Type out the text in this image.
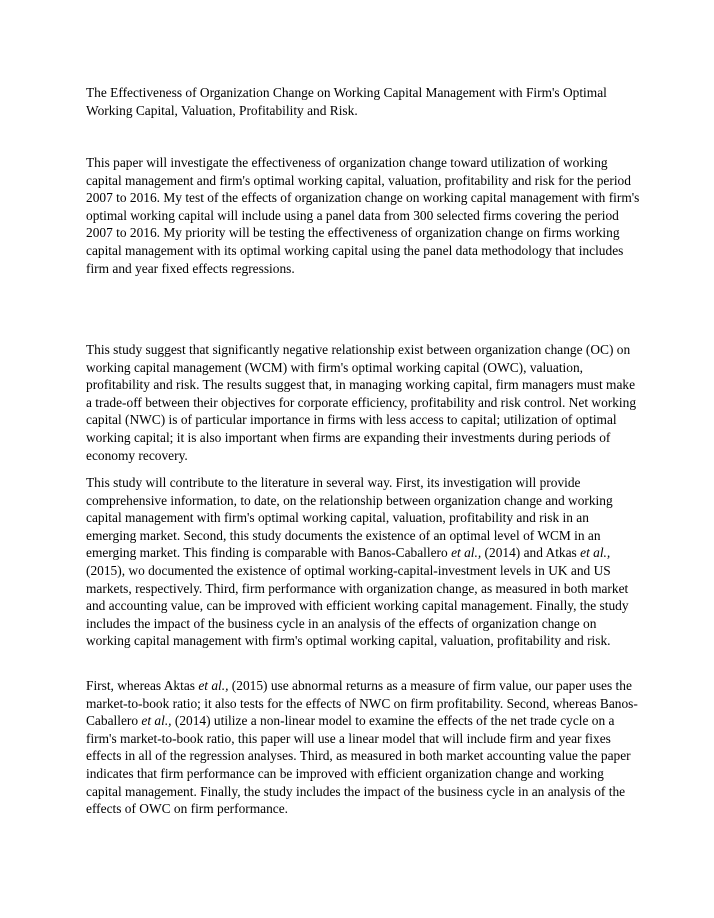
The Effectiveness of Organization Change on Working Capital Management with Firm's Optimal Working Capital, Valuation, Profitability and Risk.

This paper will investigate the effectiveness of organization change toward utilization of working capital management and firm's optimal working capital, valuation, profitability and risk for the period 2007 to 2016. My test of the effects of organization change on working capital management with firm's optimal working capital will include using a panel data from 300 selected firms covering the period 2007 to 2016. My priority will be testing the effectiveness of organization change on firms working capital management with its optimal working capital using the panel data methodology that includes firm and year fixed effects regressions.

This study suggest that significantly negative relationship exist between organization change (OC) on working capital management (WCM) with firm's optimal working capital (OWC), valuation, profitability and risk. The results suggest that, in managing working capital, firm managers must make a trade-off between their objectives for corporate efficiency, profitability and risk control. Net working capital (NWC) is of particular importance in firms with less access to capital; utilization of optimal working capital; it is also important when firms are expanding their investments during periods of economy recovery.

This study will contribute to the literature in several way. First, its investigation will provide comprehensive information, to date, on the relationship between organization change and working capital management with firm's optimal working capital, valuation, profitability and risk in an emerging market. Second, this study documents the existence of an optimal level of WCM in an emerging market. This finding is comparable with Banos-Caballero et al., (2014) and Atkas et al., (2015), wo documented the existence of optimal working-capital-investment levels in UK and US markets, respectively. Third, firm performance with organization change, as measured in both market and accounting value, can be improved with efficient working capital management. Finally, the study includes the impact of the business cycle in an analysis of the effects of organization change on working capital management with firm's optimal working capital, valuation, profitability and risk.

First, whereas Aktas et al., (2015) use abnormal returns as a measure of firm value, our paper uses the market-to-book ratio; it also tests for the effects of NWC on firm profitability. Second, whereas Banos-Caballero et al., (2014) utilize a non-linear model to examine the effects of the net trade cycle on a firm's market-to-book ratio, this paper will use a linear model that will include firm and year fixes effects in all of the regression analyses. Third, as measured in both market accounting value the paper indicates that firm performance can be improved with efficient organization change and working capital management. Finally, the study includes the impact of the business cycle in an analysis of the effects of OWC on firm performance.
